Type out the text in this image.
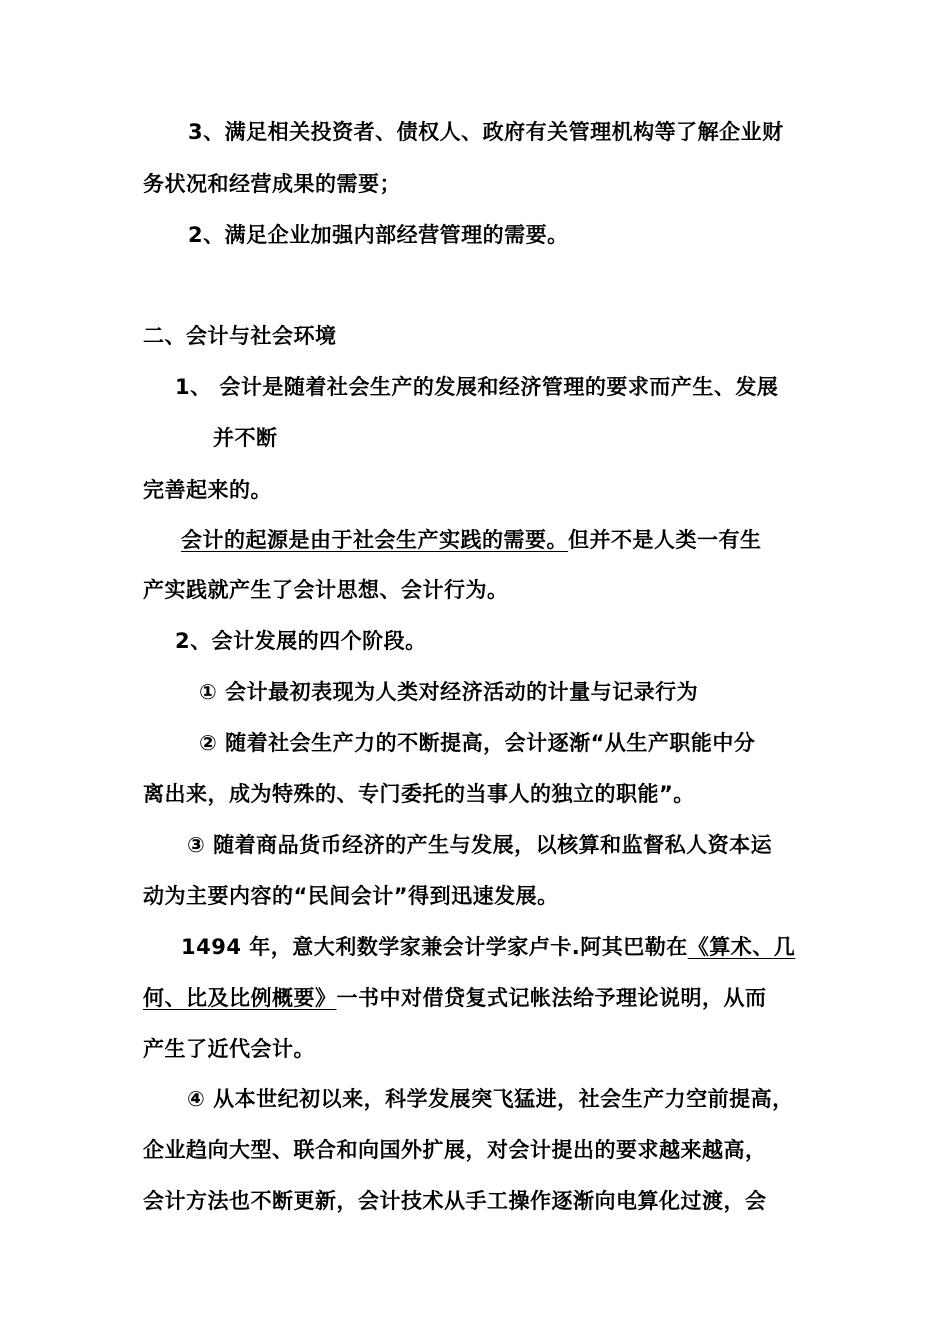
3、满足相关投资者、债权人、政府有关管理机构等了解企业财
务状况和经营成果的需要；
2、满足企业加强内部经营管理的需要。
二、会计与社会环境
1、 会计是随着社会生产的发展和经济管理的要求而产生、发展
并不断
完善起来的。
会计的起源是由于社会生产实践的需要。但并不是人类一有生
产实践就产生了会计思想、会计行为。
2、会计发展的四个阶段。
① 会计最初表现为人类对经济活动的计量与记录行为
② 随着社会生产力的不断提高，会计逐渐“从生产职能中分
离出来，成为特殊的、专门委托的当事人的独立的职能”。
③ 随着商品货币经济的产生与发展，以核算和监督私人资本运
动为主要内容的“民间会计”得到迅速发展。
1494 年，意大利数学家兼会计学家卢卡.阿其巴勒在《算术、几
何、比及比例概要》一书中对借贷复式记帐法给予理论说明，从而
产生了近代会计。
④ 从本世纪初以来，科学发展突飞猛进，社会生产力空前提高，
企业趋向大型、联合和向国外扩展，对会计提出的要求越来越高，
会计方法也不断更新，会计技术从手工操作逐渐向电算化过渡，会
